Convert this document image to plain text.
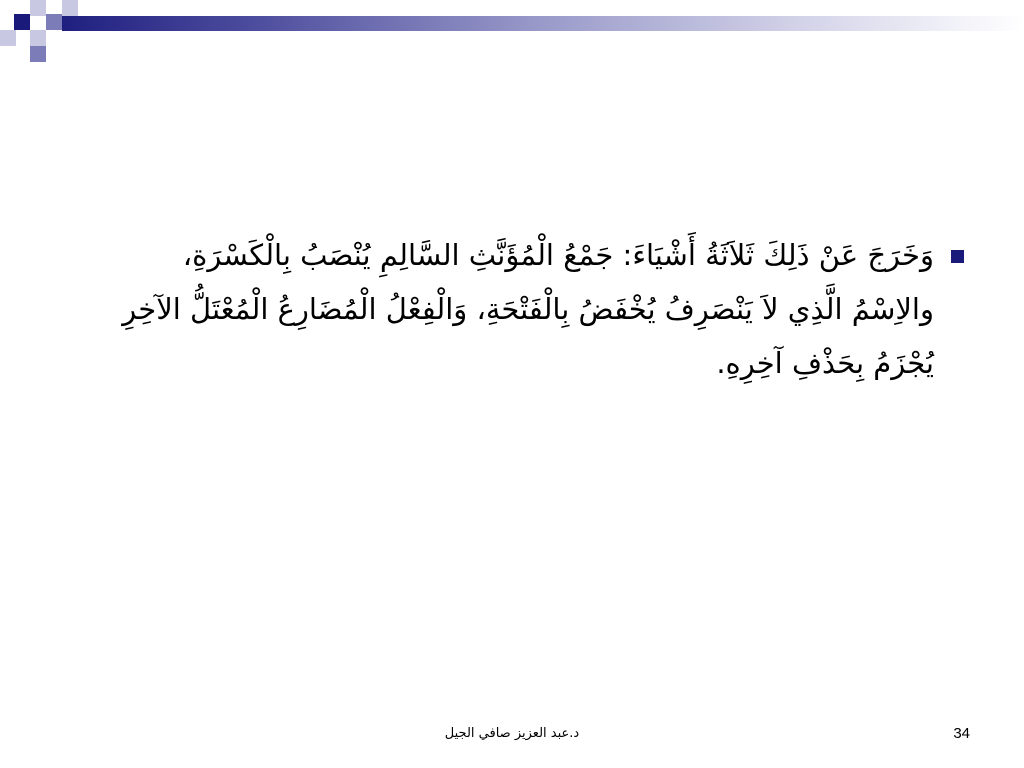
وَخَرَجَ عَنْ ذَلِكَ ثَلاَثَةُ أَشْيَاءَ: جَمْعُ الْمُؤَنَّثِ السَّالِمِ يُنْصَبُ بِالْكَسْرَةِ، والاِسْمُ الَّذِي لاَ يَنْصَرِفُ يُخْفَضُ بِالْفَتْحَةِ، وَالْفِعْلُ الْمُضَارِعُ الْمُعْتَلُّ الآخِرِ يُجْزَمُ بِحَذْفِ آخِرِهِ.
د.عبد العزيز صافي الجيل	34
